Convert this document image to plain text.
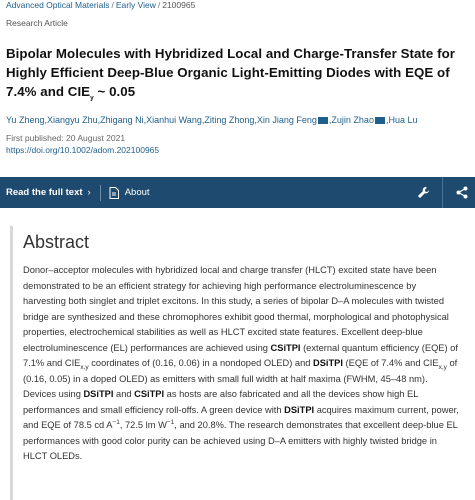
Advanced Optical Materials / Early View / 2100965
Research Article
Bipolar Molecules with Hybridized Local and Charge-Transfer State for Highly Efficient Deep-Blue Organic Light-Emitting Diodes with EQE of 7.4% and $CIE_y$ ~ 0.05
Yu Zheng,Xiangyu Zhu,Zhigang Ni,Xianhui Wang,Ziting Zhong,Xin Jiang Feng ,Zujin Zhao ,Hua Lu
First published: 20 August 2021
https://doi.org/10.1002/adom.202100965
Read the full text ›	About
Abstract
Donor–acceptor molecules with hybridized local and charge transfer (HLCT) excited state have been demonstrated to be an efficient strategy for achieving high performance electroluminescence by harvesting both singlet and triplet excitons. In this study, a series of bipolar D–A molecules with twisted bridge are synthesized and these chromophores exhibit good thermal, morphological and photophysical properties, electrochemical stabilities as well as HLCT excited state features. Excellent deep-blue electroluminescence (EL) performances are achieved using CSiTPI (external quantum efficiency (EQE) of 7.1% and $CIE_{x,y}$ coordinates of (0.16, 0.06) in a nondoped OLED) and DSiTPI (EQE of 7.4% and $CIE_{x,y}$ of (0.16, 0.05) in a doped OLED) as emitters with small full width at half maxima (FWHM, 45–48 nm). Devices using DSiTPI and CSiTPI as hosts are also fabricated and all the devices show high EL performances and small efficiency roll-offs. A green device with DSiTPI acquires maximum current, power, and EQE of 78.5 cd $A^{-1}$, 72.5 lm $W^{-1}$, and 20.8%. The research demonstrates that excellent deep-blue EL performances with good color purity can be achieved using D–A emitters with highly twisted bridge in HLCT OLEDs.
